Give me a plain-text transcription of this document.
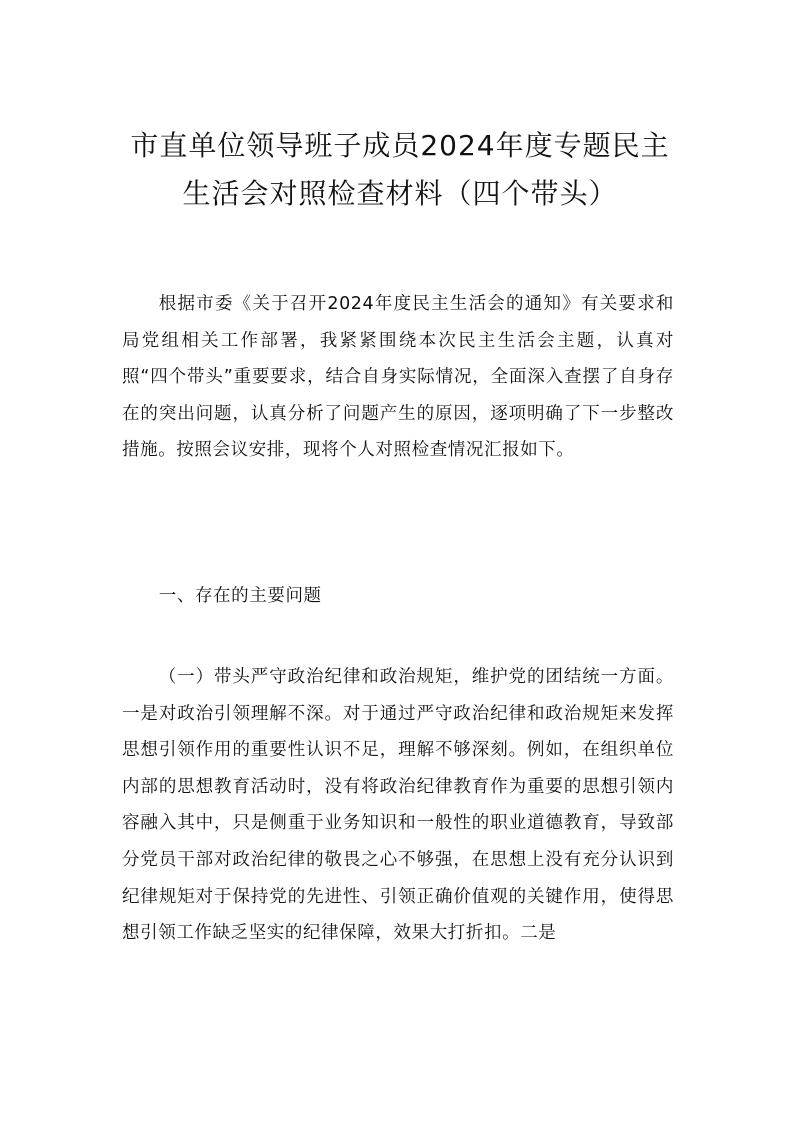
市直单位领导班子成员2024年度专题民主
生活会对照检查材料（四个带头）

根据市委《关于召开2024年度民主生活会的通知》有关要求和局党组相关工作部署，我紧紧围绕本次民主生活会主题，认真对照“四个带头”重要要求，结合自身实际情况，全面深入查摆了自身存在的突出问题，认真分析了问题产生的原因，逐项明确了下一步整改措施。按照会议安排，现将个人对照检查情况汇报如下。

一、存在的主要问题

（一）带头严守政治纪律和政治规矩，维护党的团结统一方面。一是对政治引领理解不深。对于通过严守政治纪律和政治规矩来发挥思想引领作用的重要性认识不足，理解不够深刻。例如，在组织单位内部的思想教育活动时，没有将政治纪律教育作为重要的思想引领内容融入其中，只是侧重于业务知识和一般性的职业道德教育，导致部分党员干部对政治纪律的敬畏之心不够强，在思想上没有充分认识到纪律规矩对于保持党的先进性、引领正确价值观的关键作用，使得思想引领工作缺乏坚实的纪律保障，效果大打折扣。二是
